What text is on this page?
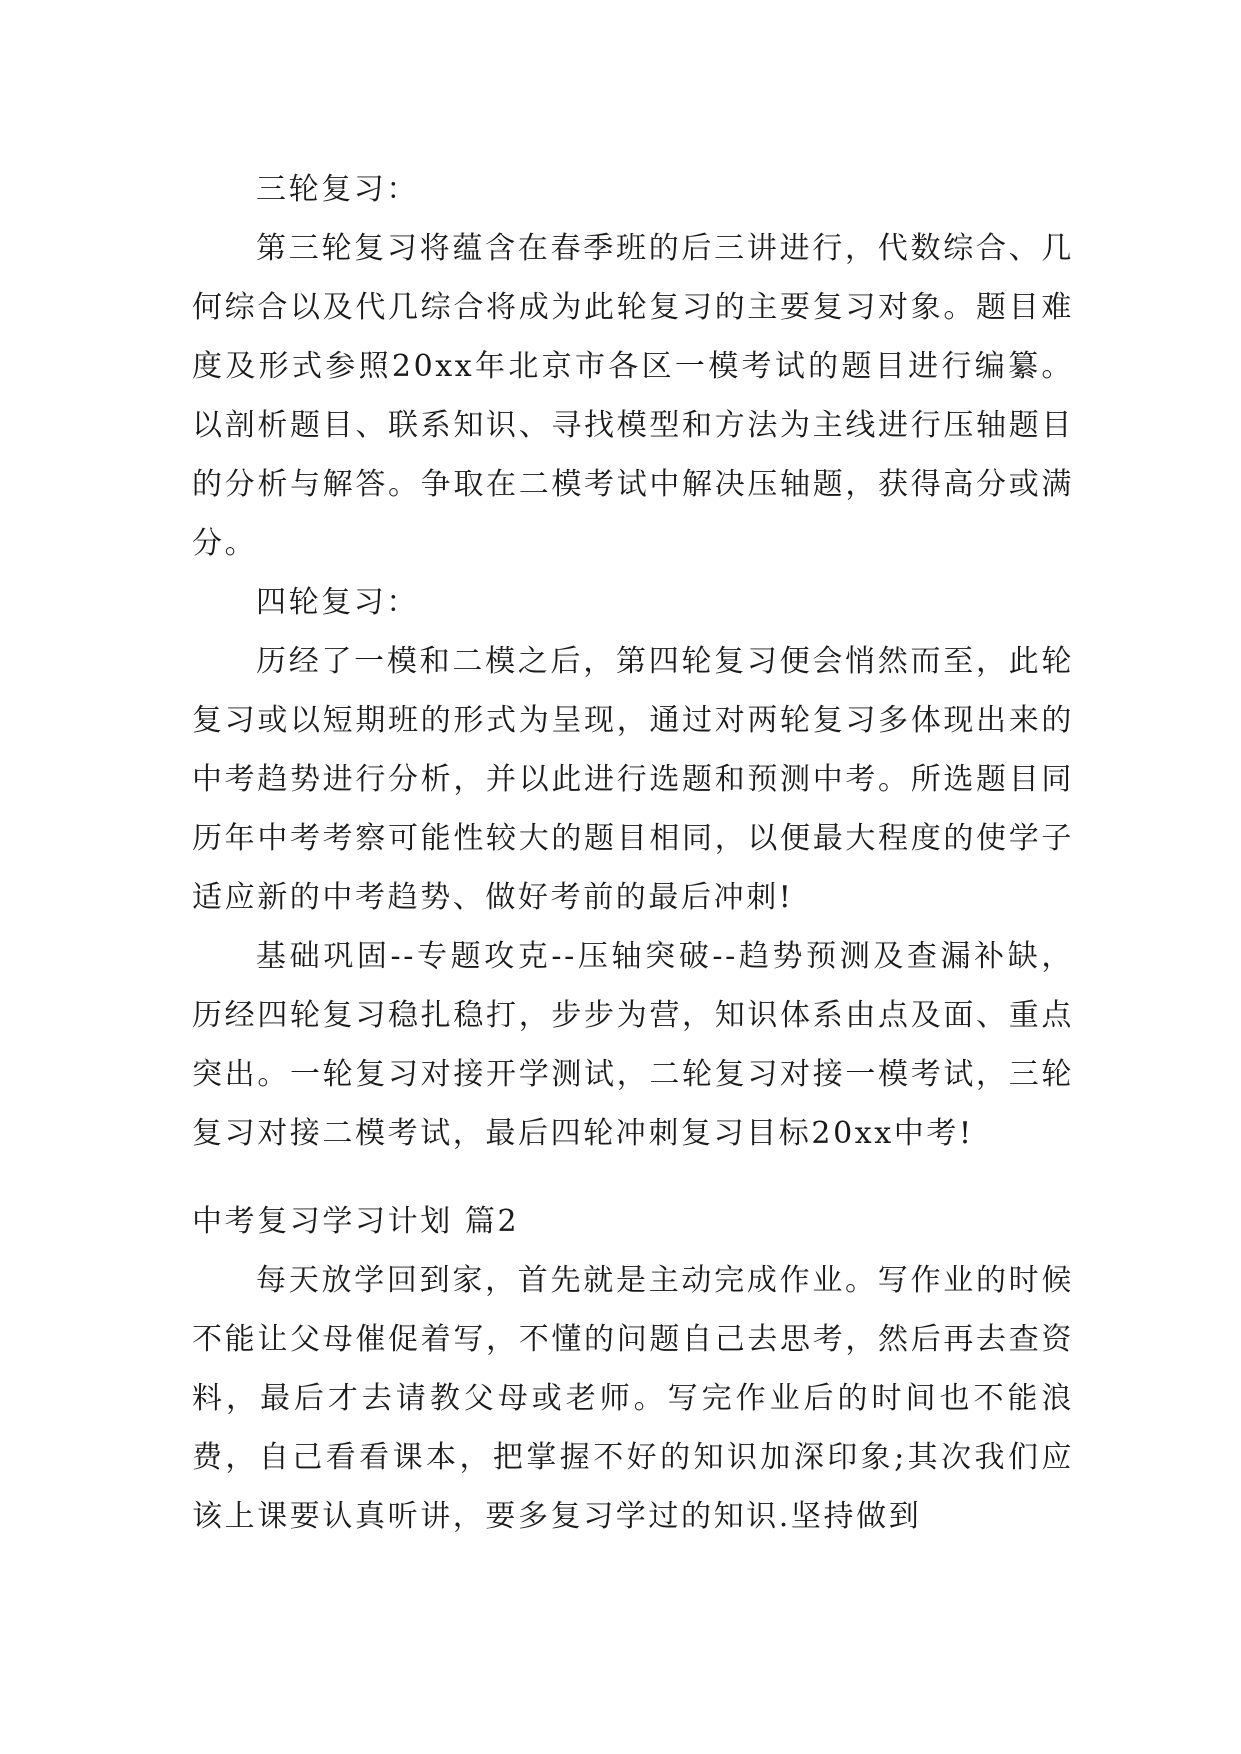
三轮复习：

第三轮复习将蕴含在春季班的后三讲进行，代数综合、几何综合以及代几综合将成为此轮复习的主要复习对象。题目难度及形式参照20xx年北京市各区一模考试的题目进行编纂。以剖析题目、联系知识、寻找模型和方法为主线进行压轴题目的分析与解答。争取在二模考试中解决压轴题，获得高分或满分。

四轮复习：

历经了一模和二模之后，第四轮复习便会悄然而至，此轮复习或以短期班的形式为呈现，通过对两轮复习多体现出来的中考趋势进行分析，并以此进行选题和预测中考。所选题目同历年中考考察可能性较大的题目相同，以便最大程度的使学子适应新的中考趋势、做好考前的最后冲刺!

基础巩固--专题攻克--压轴突破--趋势预测及查漏补缺，历经四轮复习稳扎稳打，步步为营，知识体系由点及面、重点突出。一轮复习对接开学测试，二轮复习对接一模考试，三轮复习对接二模考试，最后四轮冲刺复习目标20xx中考!

中考复习学习计划 篇2

每天放学回到家，首先就是主动完成作业。写作业的时候不能让父母催促着写，不懂的问题自己去思考，然后再去查资料，最后才去请教父母或老师。写完作业后的时间也不能浪费，自己看看课本，把掌握不好的知识加深印象;其次我们应该上课要认真听讲，要多复习学过的知识.坚持做到
